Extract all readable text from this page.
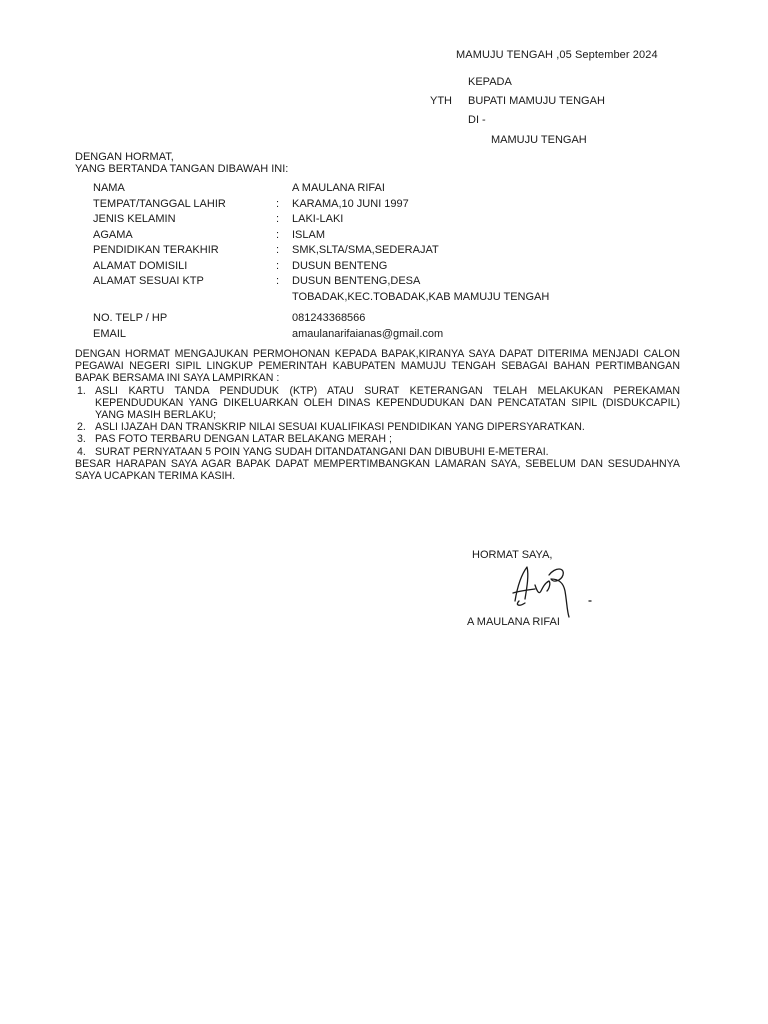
MAMUJU TENGAH ,05 September 2024
KEPADA
YTH BUPATI MAMUJU TENGAH
DI -
MAMUJU TENGAH
DENGAN HORMAT,
YANG BERTANDA TANGAN DIBAWAH INI:
NAMA		A MAULANA RIFAI
TEMPAT/TANGGAL LAHIR	:	KARAMA,10 JUNI 1997
JENIS KELAMIN	:	LAKI-LAKI
AGAMA	:	ISLAM
PENDIDIKAN TERAKHIR	:	SMK,SLTA/SMA,SEDERAJAT
ALAMAT DOMISILI	:	DUSUN BENTENG
ALAMAT SESUAI KTP	:	DUSUN BENTENG,DESA
TOBADAK,KEC.TOBADAK,KAB MAMUJU TENGAH

NO. TELP / HP		081243368566
EMAIL		amaulanarifaianas@gmail.com

DENGAN HORMAT MENGAJUKAN PERMOHONAN KEPADA BAPAK,KIRANYA SAYA DAPAT DITERIMA MENJADI CALON PEGAWAI NEGERI SIPIL LINGKUP PEMERINTAH KABUPATEN MAMUJU TENGAH SEBAGAI BAHAN PERTIMBANGAN BAPAK BERSAMA INI SAYA LAMPIRKAN :

1. ASLI KARTU TANDA PENDUDUK (KTP) ATAU SURAT KETERANGAN TELAH MELAKUKAN PEREKAMAN KEPENDUDUKAN YANG DIKELUARKAN OLEH DINAS KEPENDUDUKAN DAN PENCATATAN SIPIL (DISDUKCAPIL) YANG MASIH BERLAKU;
2. ASLI IJAZAH DAN TRANSKRIP NILAI SESUAI KUALIFIKASI PENDIDIKAN YANG DIPERSYARATKAN.
3. PAS FOTO TERBARU DENGAN LATAR BELAKANG MERAH ;
4. SURAT PERNYATAAN 5 POIN YANG SUDAH DITANDATANGANI DAN DIBUBUHI E-METERAI.

BESAR HARAPAN SAYA AGAR BAPAK DAPAT MEMPERTIMBANGKAN LAMARAN SAYA, SEBELUM DAN SESUDAHNYA SAYA UCAPKAN TERIMA KASIH.

HORMAT SAYA,
A MAULANA RIFAI
